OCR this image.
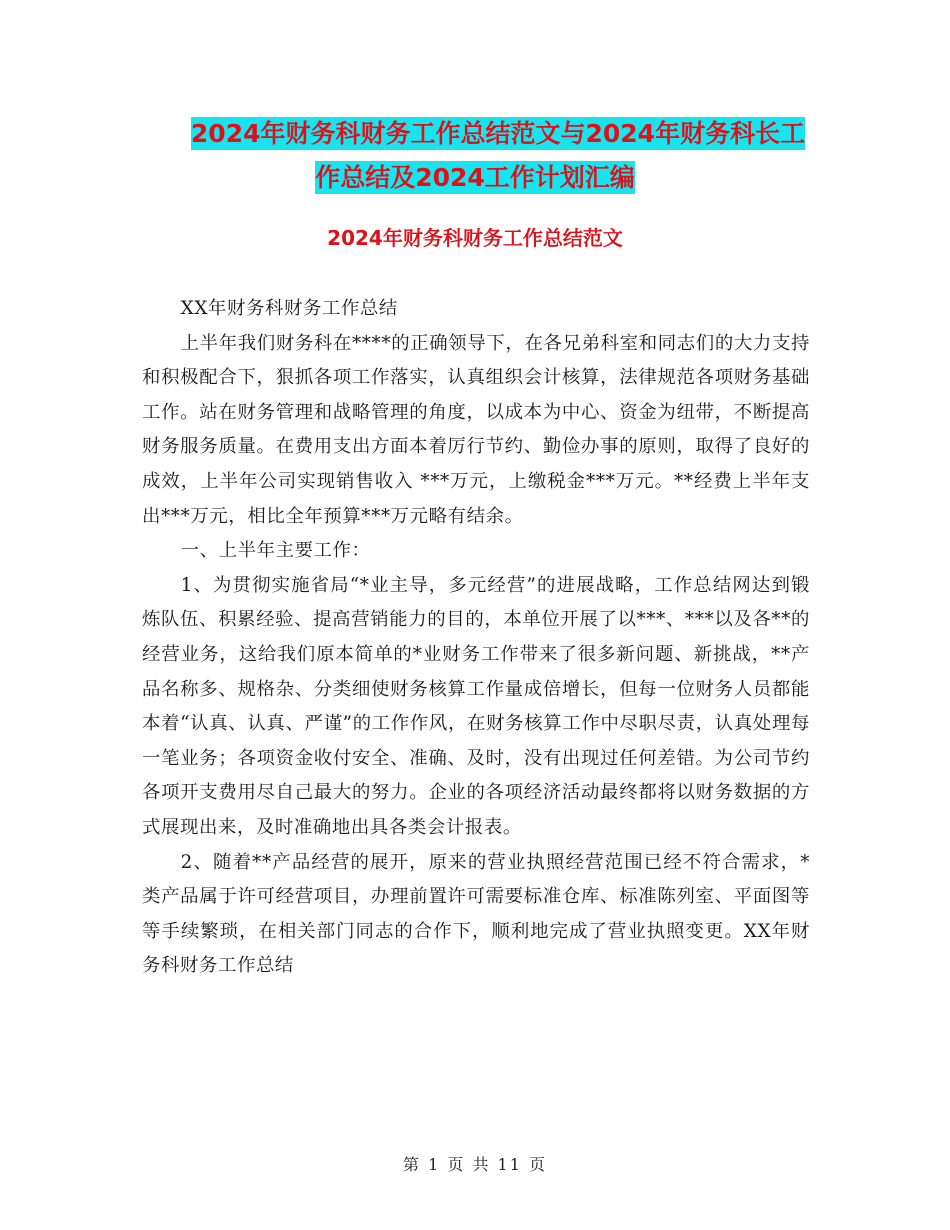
2024年财务科财务工作总结范文与2024年财务科长工
作总结及2024工作计划汇编
2024年财务科财务工作总结范文

XX年财务科财务工作总结

上半年我们财务科在****的正确领导下，在各兄弟科室和同志们的大力支持和积极配合下，狠抓各项工作落实，认真组织会计核算，法律规范各项财务基础工作。站在财务管理和战略管理的角度，以成本为中心、资金为纽带，不断提高财务服务质量。在费用支出方面本着厉行节约、勤俭办事的原则，取得了良好的成效，上半年公司实现销售收入 ***万元，上缴税金***万元。**经费上半年支出***万元，相比全年预算***万元略有结余。

一、上半年主要工作：

1、为贯彻实施省局“*业主导，多元经营”的进展战略，工作总结网达到锻炼队伍、积累经验、提高营销能力的目的，本单位开展了以***、***以及各**的经营业务，这给我们原本简单的*业财务工作带来了很多新问题、新挑战，**产品名称多、规格杂、分类细使财务核算工作量成倍增长，但每一位财务人员都能本着“认真、认真、严谨”的工作作风，在财务核算工作中尽职尽责，认真处理每一笔业务；各项资金收付安全、准确、及时，没有出现过任何差错。为公司节约各项开支费用尽自己最大的努力。企业的各项经济活动最终都将以财务数据的方式展现出来，及时准确地出具各类会计报表。

2、随着**产品经营的展开，原来的营业执照经营范围已经不符合需求，*类产品属于许可经营项目，办理前置许可需要标准仓库、标准陈列室、平面图等等手续繁琐，在相关部门同志的合作下，顺利地完成了营业执照变更。XX年财务科财务工作总结

第 1 页 共 11 页
